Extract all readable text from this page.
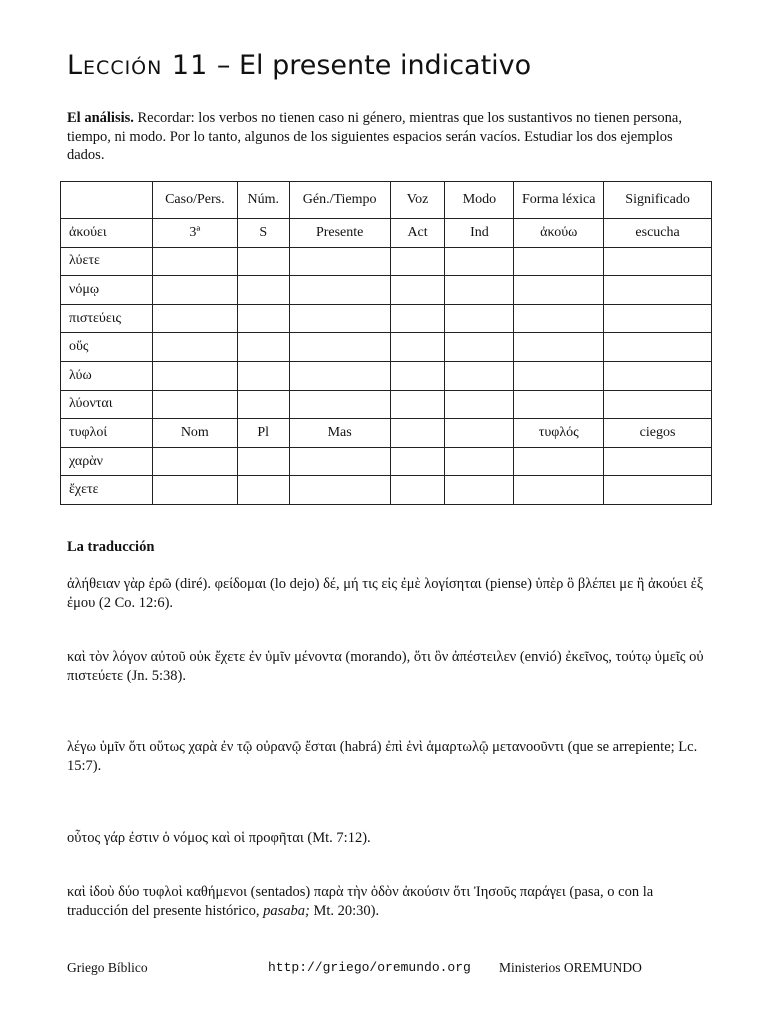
Lección 11 – El presente indicativo

El análisis. Recordar: los verbos no tienen caso ni género, mientras que los sustantivos no tienen persona, tiempo, ni modo. Por lo tanto, algunos de los siguientes espacios serán vacíos. Estudiar los dos ejemplos dados.

	Caso/Pers.	Núm.	Gén./Tiempo	Voz	Modo	Forma léxica	Significado
ἀκούει	3ª	S	Presente	Act	Ind	ἀκούω	escucha
λύετε							
νόμῳ							
πιστεύεις							
οὕς							
λύω							
λύονται							
τυφλοί	Nom	Pl	Mas			τυφλός	ciegos
χαρὰν							
ἔχετε							

La traducción

ἀλήθειαν γὰρ ἐρῶ (diré). φείδομαι (lo dejo) δέ, μή τις εἰς ἐμὲ λογίσηται (piense) ὑπὲρ ὃ βλέπει με ἢ ἀκούει ἐξ ἐμου (2 Co. 12:6).

καὶ τὸν λόγον αὐτοῦ οὐκ ἔχετε ἐν ὑμῖν μένοντα (morando), ὅτι ὃν ἀπέστειλεν (envió) ἐκεῖνος, τούτῳ ὑμεῖς οὐ πιστεύετε (Jn. 5:38).

λέγω ὑμῖν ὅτι οὕτως χαρὰ ἐν τῷ οὐρανῷ ἔσται (habrá) ἐπὶ ἑνὶ ἁμαρτωλῷ μετανοοῦντι (que se arrepiente; Lc. 15:7).

οὗτος γάρ ἐστιν ὁ νόμος καὶ οἱ προφῆται (Mt. 7:12).

καὶ ἰδοὺ δύο τυφλοὶ καθήμενοι (sentados) παρὰ τὴν ὁδὸν ἀκούσιν ὅτι Ἰησοῦς παράγει (pasa, o con la traducción del presente histórico, pasaba; Mt. 20:30).

Griego Bíblico	http://griego/oremundo.org Ministerios OREMUNDO
